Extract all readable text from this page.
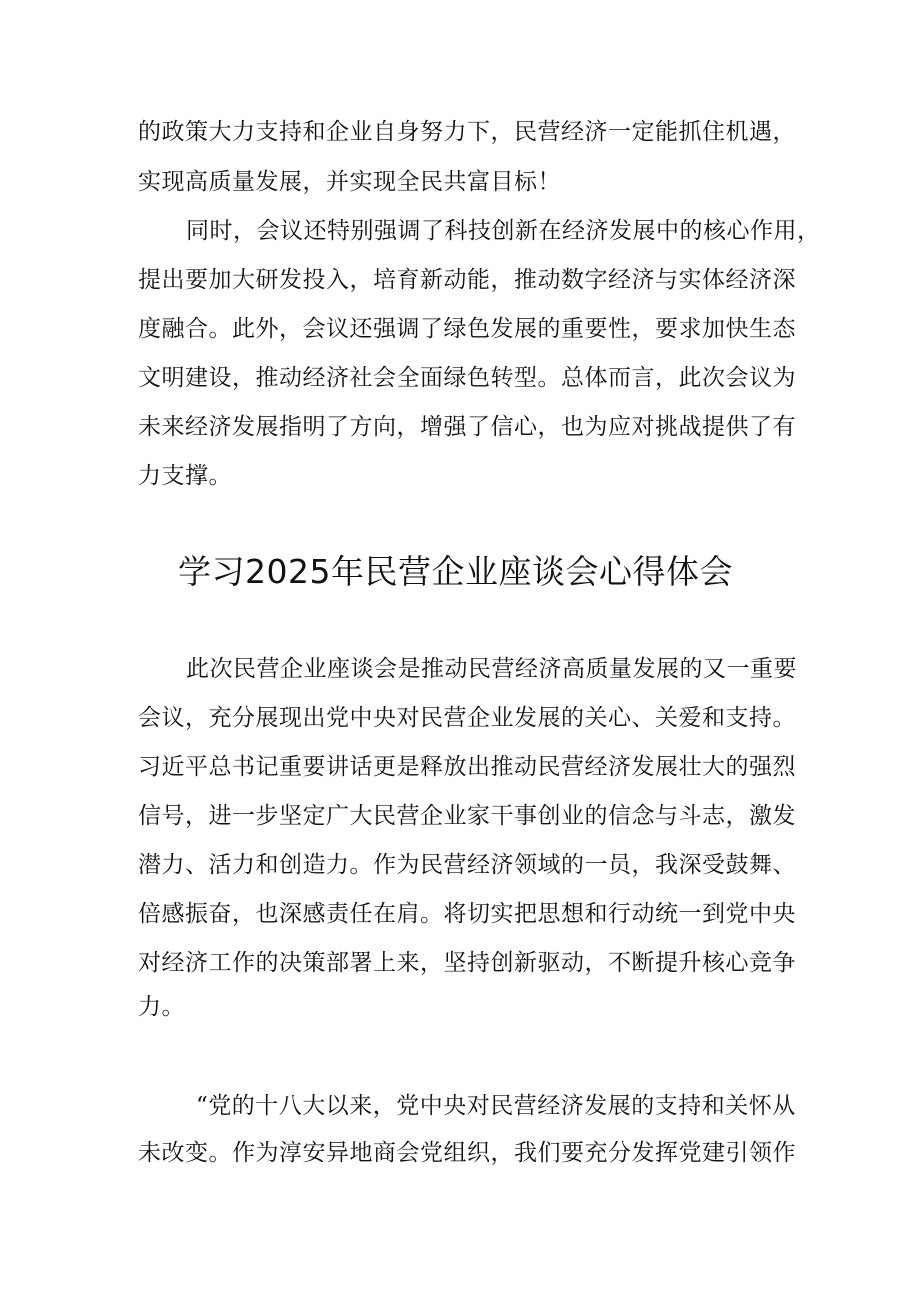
的政策大力支持和企业自身努力下，民营经济一定能抓住机遇，
实现高质量发展，并实现全民共富目标！
同时，会议还特别强调了科技创新在经济发展中的核心作用，
提出要加大研发投入，培育新动能，推动数字经济与实体经济深
度融合。此外，会议还强调了绿色发展的重要性，要求加快生态
文明建设，推动经济社会全面绿色转型。总体而言，此次会议为
未来经济发展指明了方向，增强了信心，也为应对挑战提供了有
力支撑。
学习2025年民营企业座谈会心得体会
此次民营企业座谈会是推动民营经济高质量发展的又一重要
会议，充分展现出党中央对民营企业发展的关心、关爱和支持。
习近平总书记重要讲话更是释放出推动民营经济发展壮大的强烈
信号，进一步坚定广大民营企业家干事创业的信念与斗志，激发
潜力、活力和创造力。作为民营经济领域的一员，我深受鼓舞、
倍感振奋，也深感责任在肩。将切实把思想和行动统一到党中央
对经济工作的决策部署上来，坚持创新驱动，不断提升核心竞争
力。
“党的十八大以来，党中央对民营经济发展的支持和关怀从
未改变。作为淳安异地商会党组织，我们要充分发挥党建引领作
